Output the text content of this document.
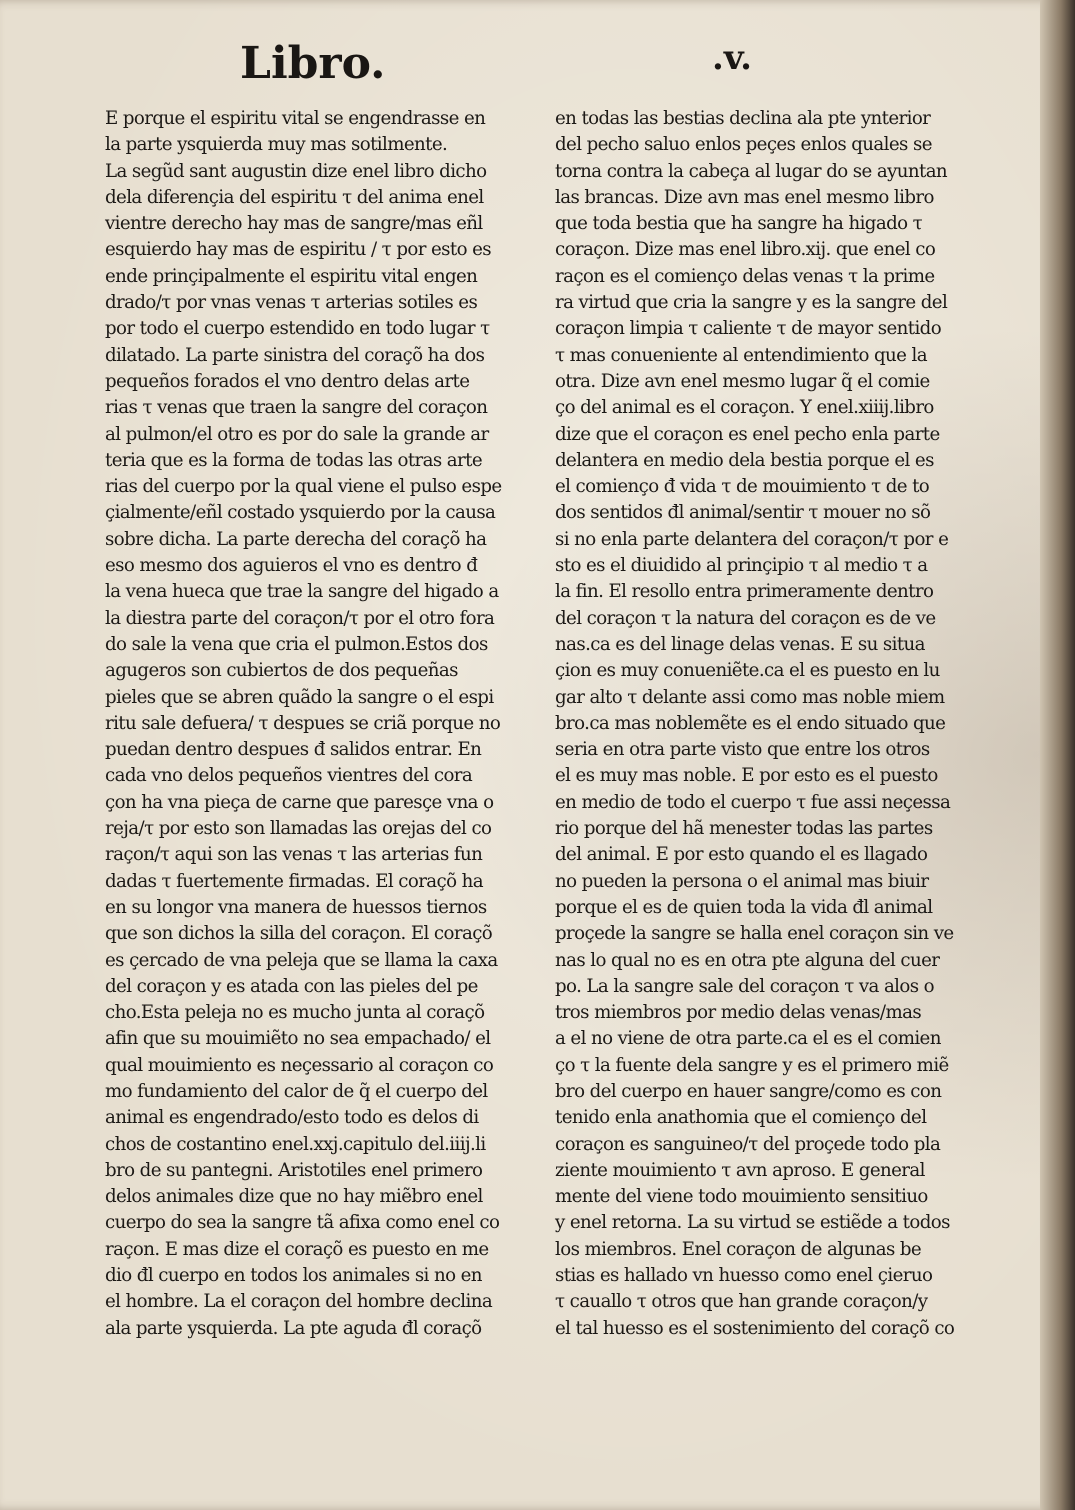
Libro.	.v.
E porque el espiritu vital se engendrasse en
la parte ysquierda muy mas sotilmente.
La segũd sant augustin dize enel libro dicho
dela diferençia del espiritu τ del anima enel
vientre derecho hay mas de sangre/mas eñl
esquierdo hay mas de espiritu / τ por esto es
ende prinçipalmente el espiritu vital engen
drado/τ por vnas venas τ arterias sotiles es
por todo el cuerpo estendido en todo lugar τ
dilatado. La parte sinistra del coraçõ ha dos
pequeños forados el vno dentro delas arte
rias τ venas que traen la sangre del coraçon
al pulmon/el otro es por do sale la grande ar
teria que es la forma de todas las otras arte
rias del cuerpo por la qual viene el pulso espe
çialmente/eñl costado ysquierdo por la causa
sobre dicha. La parte derecha del coraçõ ha
eso mesmo dos aguieros el vno es dentro đ
la vena hueca que trae la sangre del higado a
la diestra parte del coraçon/τ por el otro fora
do sale la vena que cria el pulmon.Estos dos
agugeros son cubiertos de dos pequeñas
pieles que se abren quãdo la sangre o el espi
ritu sale defuera/ τ despues se criã porque no
puedan dentro despues đ salidos entrar. En
cada vno delos pequeños vientres del cora
çon ha vna pieça de carne que paresçe vna o
reja/τ por esto son llamadas las orejas del co
raçon/τ aqui son las venas τ las arterias fun
dadas τ fuertemente firmadas. El coraçõ ha
en su longor vna manera de huessos tiernos
que son dichos la silla del coraçon. El coraçõ
es çercado de vna peleja que se llama la caxa
del coraçon y es atada con las pieles del pe
cho.Esta peleja no es mucho junta al coraçõ
afin que su mouimiẽto no sea empachado/ el
qual mouimiento es neçessario al coraçon co
mo fundamiento del calor de q̃ el cuerpo del
animal es engendrado/esto todo es delos di
chos de costantino enel.xxj.capitulo del.iiij.li
bro de su pantegni. Aristotiles enel primero
delos animales dize que no hay miẽbro enel
cuerpo do sea la sangre tã afixa como enel co
raçon. E mas dize el coraçõ es puesto en me
dio đl cuerpo en todos los animales si no en
el hombre. La el coraçon del hombre declina
ala parte ysquierda. La pte aguda đl coraçõ
en todas las bestias declina ala pte ynterior
del pecho saluo enlos peçes enlos quales se
torna contra la cabeça al lugar do se ayuntan
las brancas. Dize avn mas enel mesmo libro
que toda bestia que ha sangre ha higado τ
coraçon. Dize mas enel libro.xij. que enel co
raçon es el comienço delas venas τ la prime
ra virtud que cria la sangre y es la sangre del
coraçon limpia τ caliente τ de mayor sentido
τ mas conueniente al entendimiento que la
otra. Dize avn enel mesmo lugar q̃ el comie
ço del animal es el coraçon. Y enel.xiiij.libro
dize que el coraçon es enel pecho enla parte
delantera en medio dela bestia porque el es
el comienço đ vida τ de mouimiento τ de to
dos sentidos đl animal/sentir τ mouer no sõ
si no enla parte delantera del coraçon/τ por e
sto es el diuidido al prinçipio τ al medio τ a
la fin. El resollo entra primeramente dentro
del coraçon τ la natura del coraçon es de ve
nas.ca es del linage delas venas. E su situa
çion es muy conueniẽte.ca el es puesto en lu
gar alto τ delante assi como mas noble miem
bro.ca mas noblemẽte es el endo situado que
seria en otra parte visto que entre los otros
el es muy mas noble. E por esto es el puesto
en medio de todo el cuerpo τ fue assi neçessa
rio porque del hã menester todas las partes
del animal. E por esto quando el es llagado
no pueden la persona o el animal mas biuir
porque el es de quien toda la vida đl animal
proçede la sangre se halla enel coraçon sin ve
nas lo qual no es en otra pte alguna del cuer
po. La la sangre sale del coraçon τ va alos o
tros miembros por medio delas venas/mas
a el no viene de otra parte.ca el es el comien
ço τ la fuente dela sangre y es el primero miẽ
bro del cuerpo en hauer sangre/como es con
tenido enla anathomia que el comienço del
coraçon es sanguineo/τ del proçede todo pla
ziente mouimiento τ avn aproso. E general
mente del viene todo mouimiento sensitiuo
y enel retorna. La su virtud se estiẽde a todos
los miembros. Enel coraçon de algunas be
stias es hallado vn huesso como enel çieruo
τ cauallo τ otros que han grande coraçon/y
el tal huesso es el sostenimiento del coraçõ co
